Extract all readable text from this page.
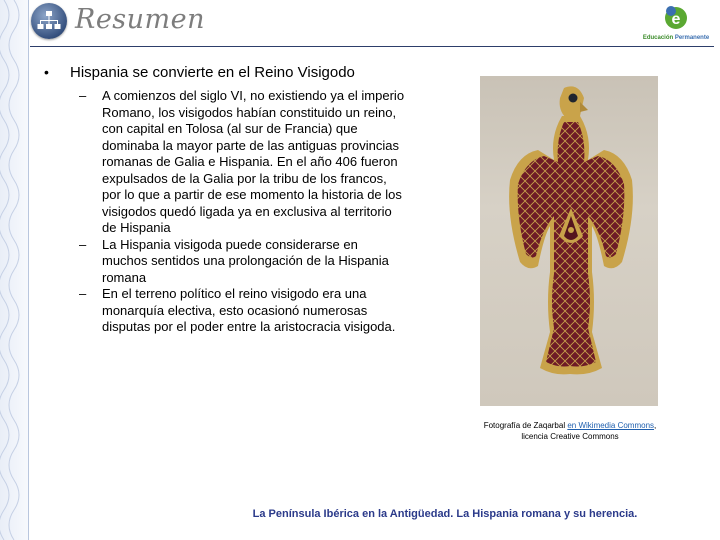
Resumen	e
Educación Permanente
• Hispania se convierte en el Reino Visigodo
– A comienzos del siglo VI, no existiendo ya el imperio Romano, los visigodos habían constituido un reino, con capital en Tolosa (al sur de Francia) que dominaba la mayor parte de las antiguas provincias romanas de Galia e Hispania. En el año 406 fueron expulsados de la Galia por la tribu de los francos, por lo que a partir de ese momento la historia de los visigodos quedó ligada ya en exclusiva al territorio de Hispania
– La Hispania visigoda puede considerarse en muchos sentidos una prolongación de la Hispania romana
– En el terreno político el reino visigodo era una monarquía electiva, esto ocasionó numerosas disputas por el poder entre la aristocracia visigoda.
Fotografía de Zaqarbal en Wikimedia Commons,
licencia Creative Commons
La Península Ibérica en la Antigüedad. La Hispania romana y su herencia.
